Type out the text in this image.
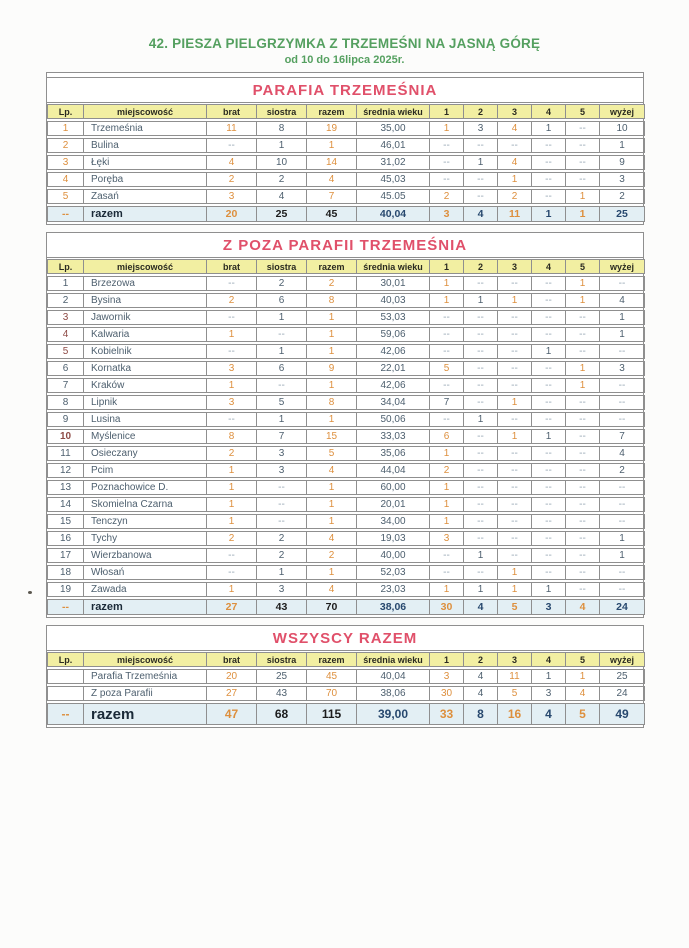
42. PIESZA PIELGRZYMKA Z TRZEMEŚNI NA JASNĄ GÓRĘ
od 10 do 16lipca 2025r.
PARAFIA TRZEMEŚNIA
Lp.	miejscowość	brat	siostra	razem	średnia wieku	1	2	3	4	5	wyżej
1	Trzemeśnia	11	8	19	35,00	1	3	4	1	--	10
2	Bulina	--	1	1	46,01	--	--	--	--	--	1
3	Łęki	4	10	14	31,02	--	1	4	--	--	9
4	Poręba	2	2	4	45,03	--	--	1	--	--	3
5	Zasań	3	4	7	45.05	2	--	2	--	1	2
--	razem	20	25	45	40,04	3	4	11	1	1	25
Z POZA PARAFII TRZEMEŚNIA
Lp.	miejscowość	brat	siostra	razem	średnia wieku	1	2	3	4	5	wyżej
1	Brzezowa	--	2	2	30,01	1	--	--	--	1	--
2	Bysina	2	6	8	40,03	1	1	1	--	1	4
3	Jawornik	--	1	1	53,03	--	--	--	--	--	1
4	Kalwaria	1	--	1	59,06	--	--	--	--	--	1
5	Kobielnik	--	1	1	42,06	--	--	--	1	--	--
6	Kornatka	3	6	9	22,01	5	--	--	--	1	3
7	Kraków	1	--	1	42,06	--	--	--	--	1	--
8	Lipnik	3	5	8	34,04	7	--	1	--	--	--
9	Lusina	--	1	1	50,06	--	1	--	--	--	--
10	Myślenice	8	7	15	33,03	6	--	1	1	--	7
11	Osieczany	2	3	5	35,06	1	--	--	--	--	4
12	Pcim	1	3	4	44,04	2	--	--	--	--	2
13	Poznachowice D.	1	--	1	60,00	1	--	--	--	--	--
14	Skomielna Czarna	1	--	1	20,01	1	--	--	--	--	--
15	Tenczyn	1	--	1	34,00	1	--	--	--	--	--
16	Tychy	2	2	4	19,03	3	--	--	--	--	1
17	Wierzbanowa	--	2	2	40,00	--	1	--	--	--	1
18	Włosań	--	1	1	52,03	--	--	1	--	--	--
19	Zawada	1	3	4	23,03	1	1	1	1	--	--
--	razem	27	43	70	38,06	30	4	5	3	4	24
WSZYSCY RAZEM
Lp.	miejscowość	brat	siostra	razem	średnia wieku	1	2	3	4	5	wyżej
	Parafia Trzemeśnia	20	25	45	40,04	3	4	11	1	1	25
	Z poza Parafii	27	43	70	38,06	30	4	5	3	4	24
--	razem	47	68	115	39,00	33	8	16	4	5	49
